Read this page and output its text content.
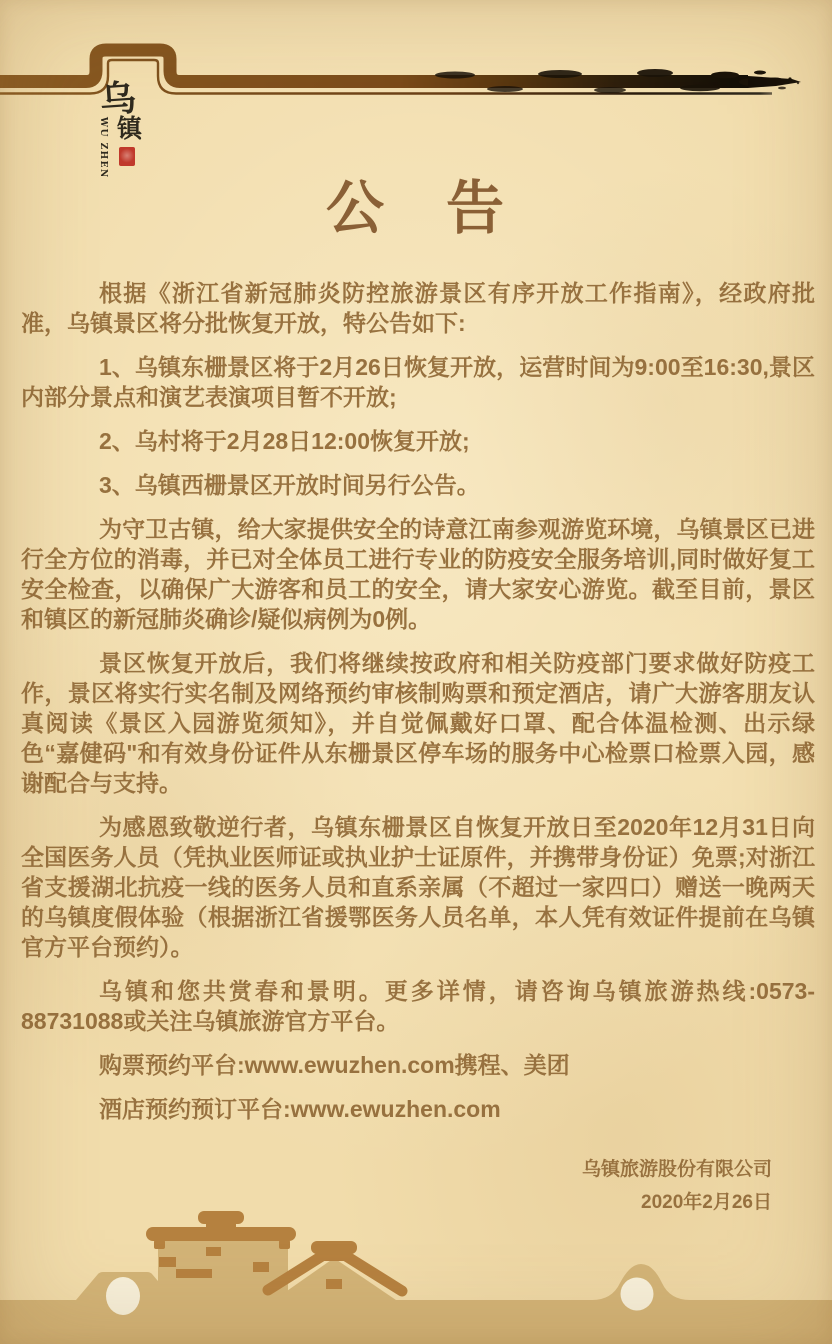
乌
WU ZHEN 镇
公　告

根据《浙江省新冠肺炎防控旅游景区有序开放工作指南》，经政府批准，乌镇景区将分批恢复开放，特公告如下:

1、乌镇东栅景区将于2月26日恢复开放，运营时间为9:00至16:30,景区内部分景点和演艺表演项目暂不开放;

2、乌村将于2月28日12:00恢复开放;

3、乌镇西栅景区开放时间另行公告。

为守卫古镇，给大家提供安全的诗意江南参观游览环境，乌镇景区已进行全方位的消毒，并已对全体员工进行专业的防疫安全服务培训,同时做好复工安全检查，以确保广大游客和员工的安全，请大家安心游览。截至目前，景区和镇区的新冠肺炎确诊/疑似病例为0例。

景区恢复开放后，我们将继续按政府和相关防疫部门要求做好防疫工作，景区将实行实名制及网络预约审核制购票和预定酒店，请广大游客朋友认真阅读《景区入园游览须知》，并自觉佩戴好口罩、配合体温检测、出示绿色“嘉健码"和有效身份证件从东栅景区停车场的服务中心检票口检票入园，感谢配合与支持。

为感恩致敬逆行者，乌镇东栅景区自恢复开放日至2020年12月31日向全国医务人员（凭执业医师证或执业护士证原件，并携带身份证）免票;对浙江省支援湖北抗疫一线的医务人员和直系亲属（不超过一家四口）赠送一晚两天的乌镇度假体验（根据浙江省援鄂医务人员名单，本人凭有效证件提前在乌镇官方平台预约）。

乌镇和您共赏春和景明。更多详情，请咨询乌镇旅游热线:0573-88731088或关注乌镇旅游官方平台。

购票预约平台:www.ewuzhen.com携程、美团

酒店预约预订平台:www.ewuzhen.com

乌镇旅游股份有限公司
2020年2月26日
